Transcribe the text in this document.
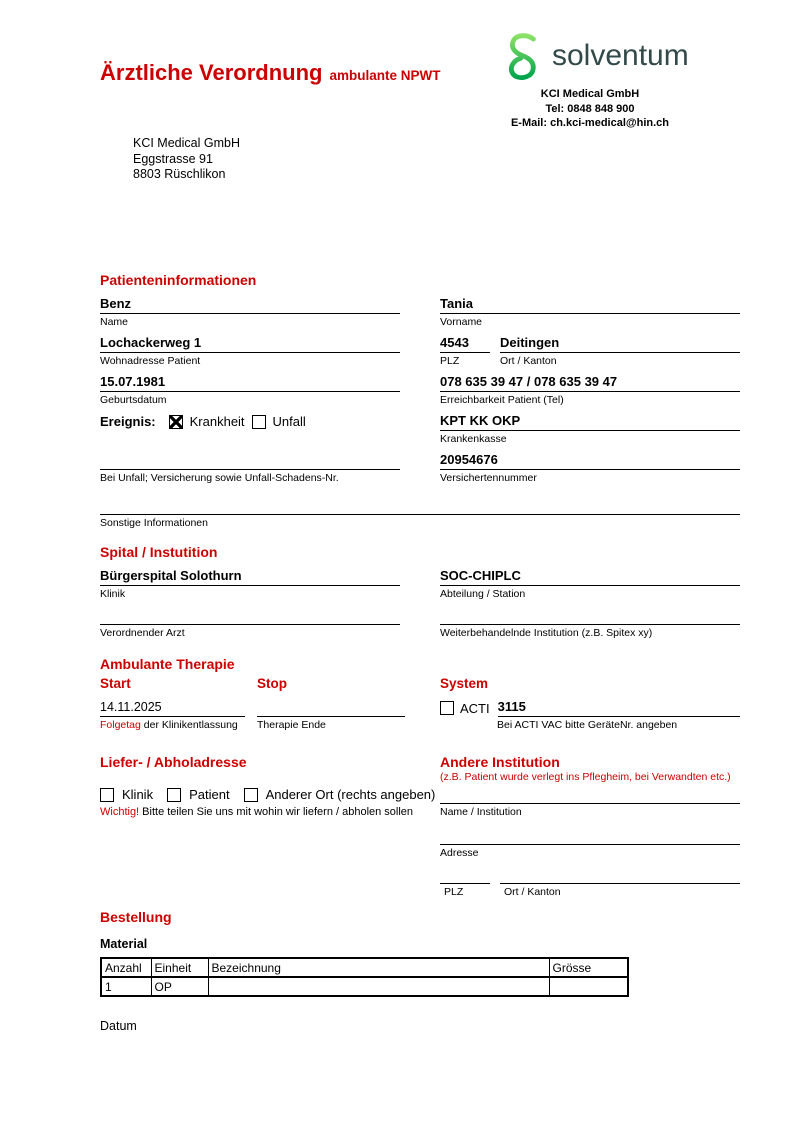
Ärztliche Verordnung ambulante NPWT
solventum
KCI Medical GmbH
Tel: 0848 848 900
E-Mail: ch.kci-medical@hin.ch
KCI Medical GmbH
Eggstrasse 91
8803 Rüschlikon
Patienteninformationen
Benz
Name
Tania
Vorname
Lochackerweg 1
Wohnadresse Patient
4543
PLZ
Deitingen
Ort / Kanton
15.07.1981
Geburtsdatum
078 635 39 47 / 078 635 39 47
Erreichbarkeit Patient (Tel)
Ereignis:	Krankheit Unfall	KPT KK OKP
Krankenkasse
Bei Unfall; Versicherung sowie Unfall-Schadens-Nr.
20954676
Versichertennummer
Sonstige Informationen
Spital / Instutition
Bürgerspital Solothurn
Klinik
SOC-CHIPLC
Abteilung / Station
Verordnender Arzt	Weiterbehandelnde Institution (z.B. Spitex xy)
Ambulante Therapie
Start
14.11.2025
Folgetag der Klinikentlassung
Stop
Therapie Ende
System
ACTI 3115
Bei ACTI VAC bitte GeräteNr. angeben
Liefer- / Abholadresse
Klinik	Patient	Anderer Ort (rechts angeben)
Wichtig! Bitte teilen Sie uns mit wohin wir liefern / abholen sollen
Andere Institution
(z.B. Patient wurde verlegt ins Pflegheim, bei Verwandten etc.)
Name / Institution
Adresse
PLZ	Ort / Kanton
Bestellung
Material
Anzahl	Einheit	Bezeichnung	Grösse
1	OP		
Datum
